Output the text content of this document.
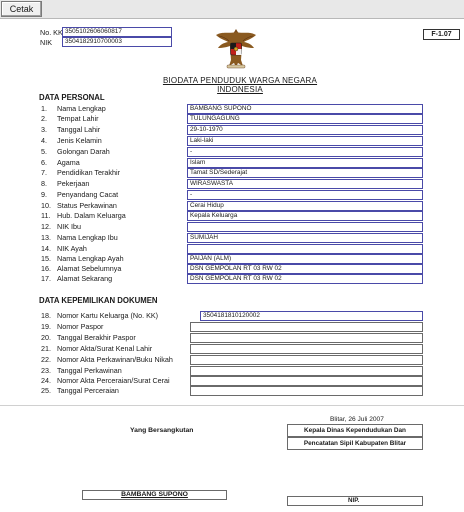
Cetak
No. KK 3505102606060817
NIK	3504182910700003
F-1.07
BIODATA PENDUDUK WARGA NEGARA INDONESIA
DATA PERSONAL
1.	Nama Lengkap	BAMBANG SUPONO
2.	Tempat Lahir	TULUNGAGUNG
3.	Tanggal Lahir	29-10-1970
4.	Jenis Kelamin	Laki-laki
5.	Golongan Darah	-
6.	Agama	Islam
7.	Pendidikan Terakhir	Tamat SD/Sederajat
8.	Pekerjaan	WIRASWASTA
9.	Penyandang Cacat	-
10. Status Perkawinan	Cerai Hidup
11. Hub. Dalam Keluarga	Kepala Keluarga
12. NIK Ibu
13. Nama Lengkap Ibu	SUMIJAH
14. NIK Ayah
15. Nama Lengkap Ayah	PAIJAN (ALM)
16. Alamat Sebelumnya	DSN GEMPOLAN RT 03 RW 02
17. Alamat Sekarang	DSN GEMPOLAN RT 03 RW 02
DATA KEPEMILIKAN DOKUMEN
18. Nomor Kartu Keluarga (No. KK)	3504181810120002
19. Nomor Paspor
20. Tanggal Berakhir Paspor
21. Nomor Akta/Surat Kenal Lahir
22. Nomor Akta Perkawinan/Buku Nikah
23. Tanggal Perkawinan
24. Nomor Akta Perceraian/Surat Cerai
25. Tanggal Perceraian
Blitar, 26 Juli 2007
Yang Bersangkutan	Kepala Dinas Kependudukan Dan
Pencatatan Sipil Kabupaten Blitar
BAMBANG SUPONO
NIP.
